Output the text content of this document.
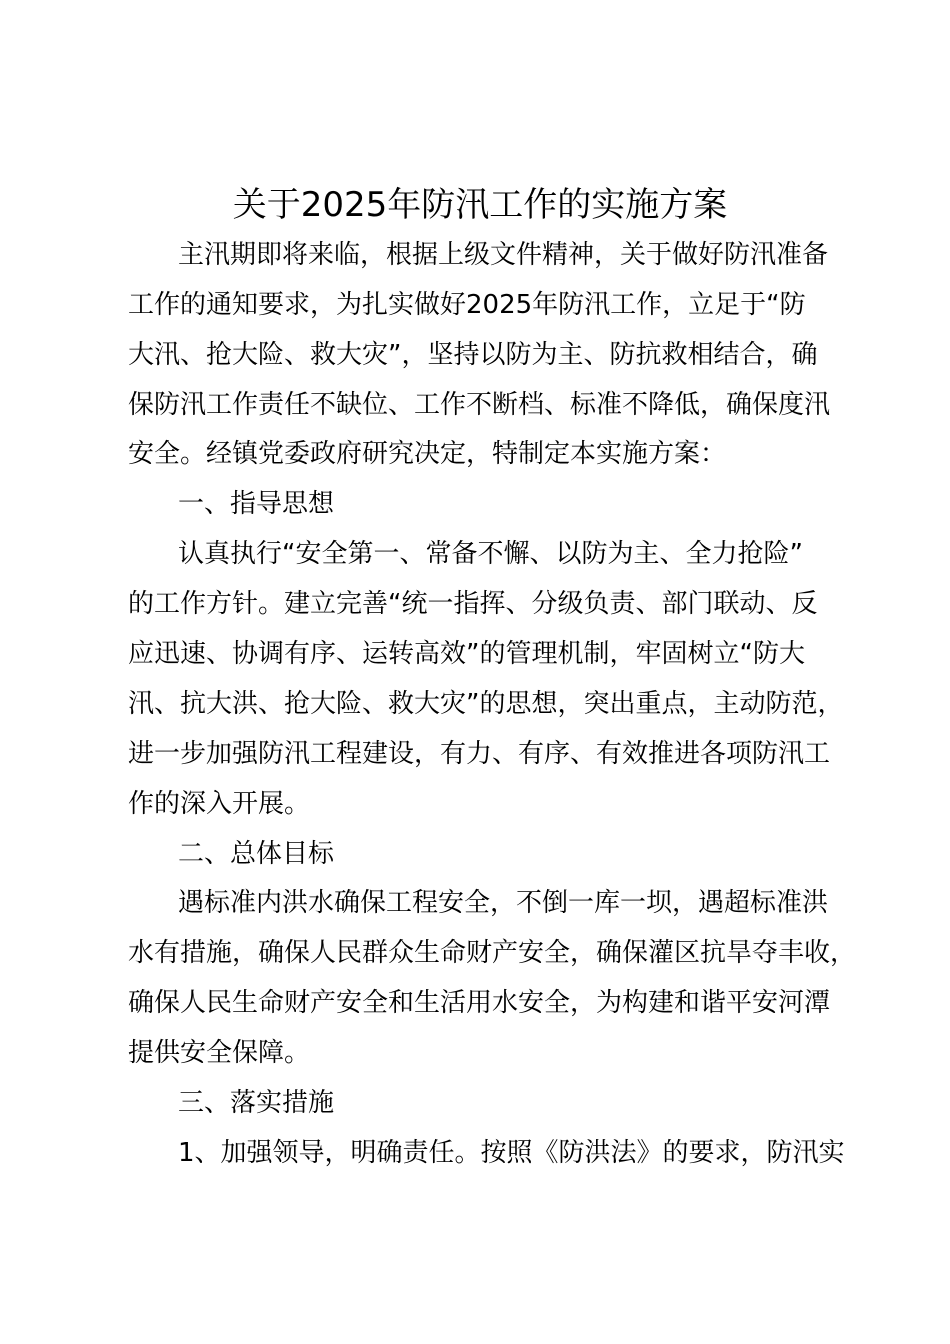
关于2025年防汛工作的实施方案
主汛期即将来临，根据上级文件精神，关于做好防汛准备
工作的通知要求，为扎实做好2025年防汛工作，立足于“防
大汛、抢大险、救大灾”，坚持以防为主、防抗救相结合，确
保防汛工作责任不缺位、工作不断档、标准不降低，确保度汛
安全。经镇党委政府研究决定，特制定本实施方案：
一、指导思想
认真执行“安全第一、常备不懈、以防为主、全力抢险”
的工作方针。建立完善“统一指挥、分级负责、部门联动、反
应迅速、协调有序、运转高效”的管理机制，牢固树立“防大
汛、抗大洪、抢大险、救大灾”的思想，突出重点，主动防范，
进一步加强防汛工程建设，有力、有序、有效推进各项防汛工
作的深入开展。
二、总体目标
遇标准内洪水确保工程安全，不倒一库一坝，遇超标准洪
水有措施，确保人民群众生命财产安全，确保灌区抗旱夺丰收，
确保人民生命财产安全和生活用水安全，为构建和谐平安河潭
提供安全保障。
三、落实措施
1、加强领导，明确责任。按照《防洪法》的要求，防汛实
